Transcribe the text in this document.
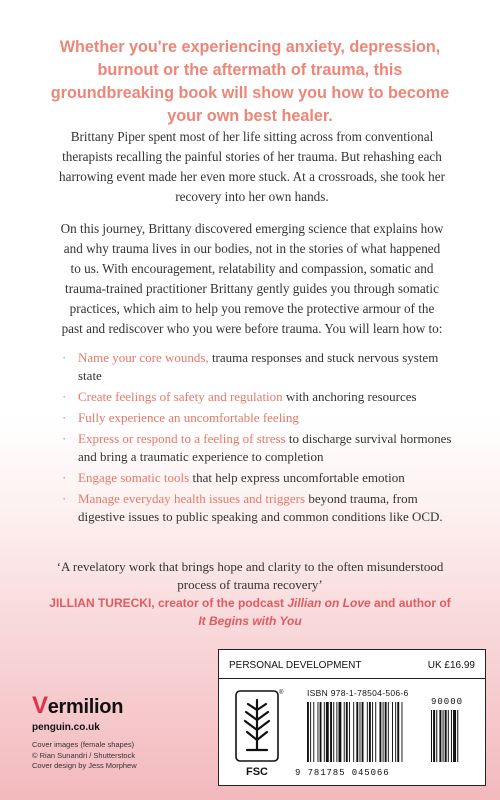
Whether you're experiencing anxiety, depression, burnout or the aftermath of trauma, this groundbreaking book will show you how to become your own best healer.
Brittany Piper spent most of her life sitting across from conventional therapists recalling the painful stories of her trauma. But rehashing each harrowing event made her even more stuck. At a crossroads, she took her recovery into her own hands.
On this journey, Brittany discovered emerging science that explains how and why trauma lives in our bodies, not in the stories of what happened to us. With encouragement, relatability and compassion, somatic and trauma-trained practitioner Brittany gently guides you through somatic practices, which aim to help you remove the protective armour of the past and rediscover who you were before trauma. You will learn how to:
· Name your core wounds, trauma responses and stuck nervous system state
· Create feelings of safety and regulation with anchoring resources
· Fully experience an uncomfortable feeling
· Express or respond to a feeling of stress to discharge survival hormones and bring a traumatic experience to completion
· Engage somatic tools that help express uncomfortable emotion
· Manage everyday health issues and triggers beyond trauma, from digestive issues to public speaking and common conditions like OCD.
‘A revelatory work that brings hope and clarity to the often misunderstood process of trauma recovery’
JILLIAN TURECKI, creator of the podcast Jillian on Love and author of It Begins with You
Vermilion
penguin.co.uk
Cover images (female shapes)
© Rian Sunandri / Shutterstock
Cover design by Jess Morphew
PERSONAL DEVELOPMENT	UK £16.99
®
FSC
ISBN 978-1-78504-506-6
90000
9 781785 045066
